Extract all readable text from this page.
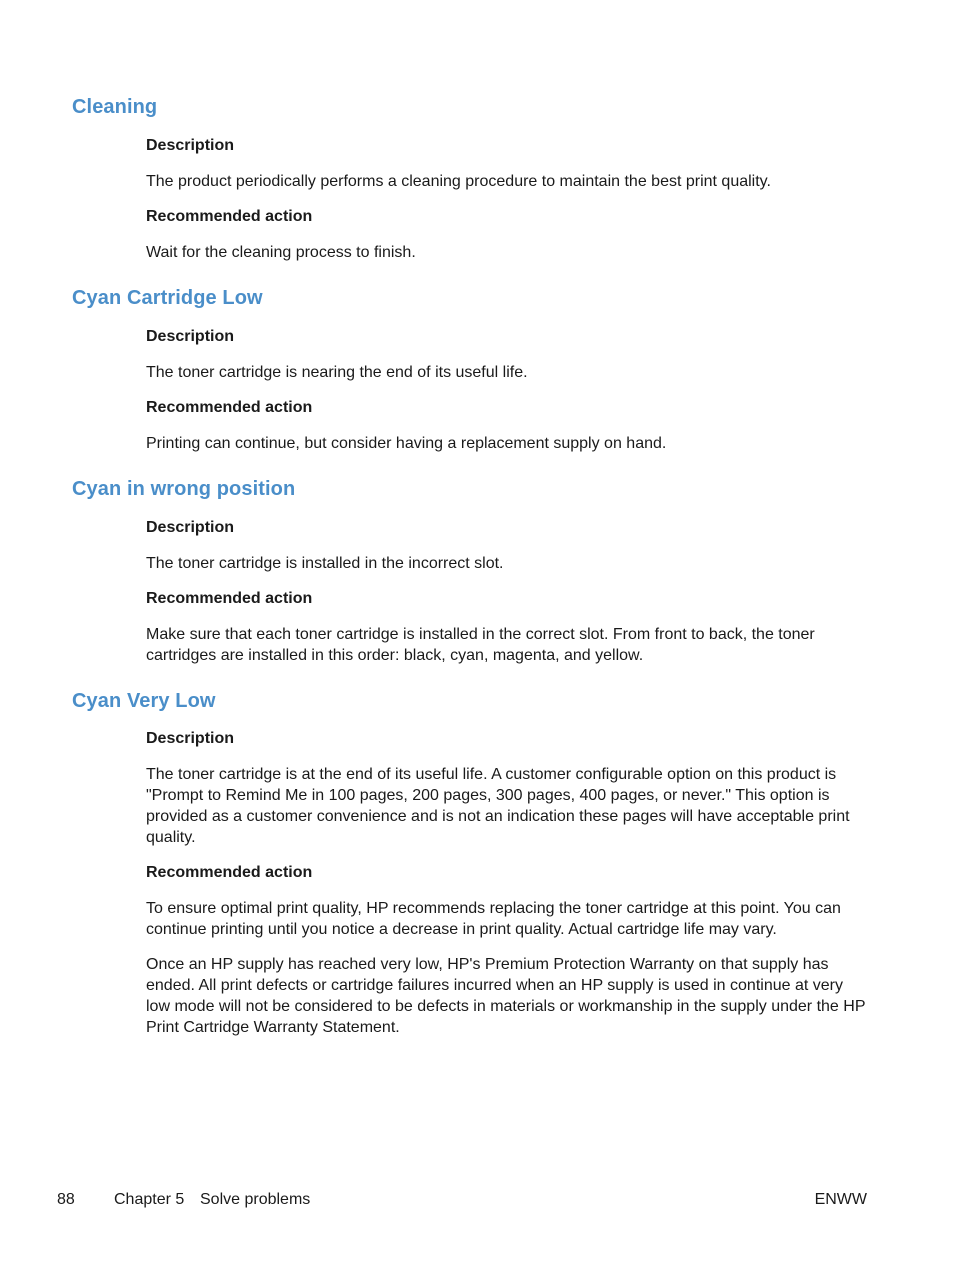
Cleaning

Description

The product periodically performs a cleaning procedure to maintain the best print quality.

Recommended action

Wait for the cleaning process to finish.

Cyan Cartridge Low

Description

The toner cartridge is nearing the end of its useful life.

Recommended action

Printing can continue, but consider having a replacement supply on hand.

Cyan in wrong position

Description

The toner cartridge is installed in the incorrect slot.

Recommended action

Make sure that each toner cartridge is installed in the correct slot. From front to back, the toner cartridges are installed in this order: black, cyan, magenta, and yellow.

Cyan Very Low

Description

The toner cartridge is at the end of its useful life. A customer configurable option on this product is "Prompt to Remind Me in 100 pages, 200 pages, 300 pages, 400 pages, or never." This option is provided as a customer convenience and is not an indication these pages will have acceptable print quality.

Recommended action

To ensure optimal print quality, HP recommends replacing the toner cartridge at this point. You can continue printing until you notice a decrease in print quality. Actual cartridge life may vary.

Once an HP supply has reached very low, HP's Premium Protection Warranty on that supply has ended. All print defects or cartridge failures incurred when an HP supply is used in continue at very low mode will not be considered to be defects in materials or workmanship in the supply under the HP Print Cartridge Warranty Statement.

88 Chapter 5 Solve problems	ENWW
